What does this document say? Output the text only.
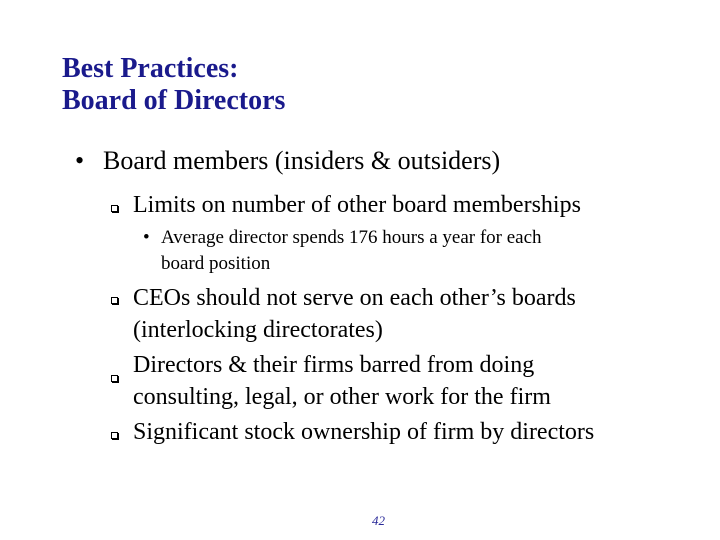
Best Practices:
Board of Directors
• Board members (insiders & outsiders)
Limits on number of other board memberships
• Average director spends 176 hours a year for each
board position
CEOs should not serve on each other’s boards
(interlocking directorates)
Directors & their firms barred from doing
consulting, legal, or other work for the firm
Significant stock ownership of firm by directors
42
